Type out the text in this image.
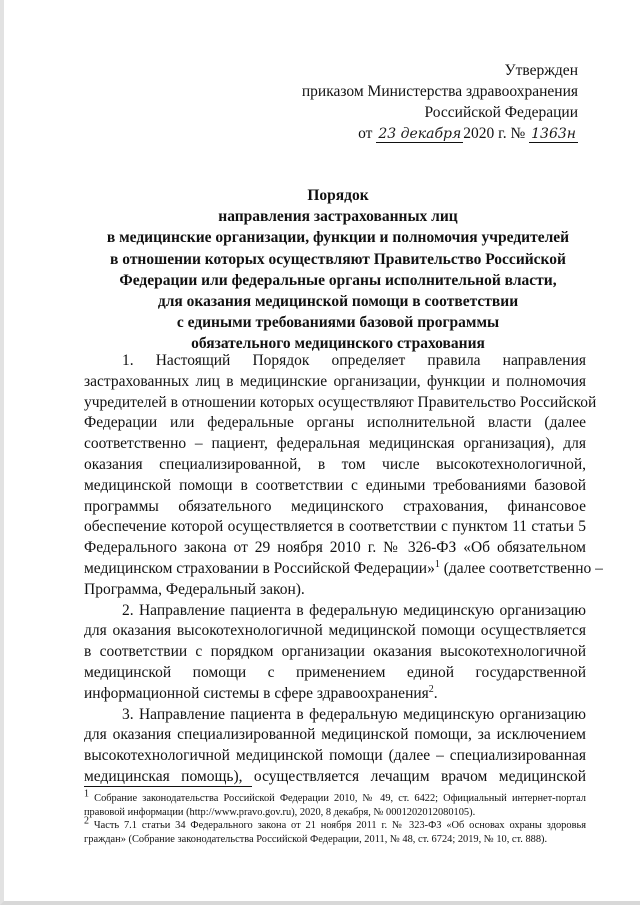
Утвержден
приказом Министерства здравоохранения
Российской Федерации
от 23 декабря 2020 г. № 1363н
Порядок
направления застрахованных лиц
в медицинские организации, функции и полномочия учредителей
в отношении которых осуществляют Правительство Российской
Федерации или федеральные органы исполнительной власти,
для оказания медицинской помощи в соответствии
с едиными требованиями базовой программы
обязательного медицинского страхования
1. Настоящий Порядок определяет правила направления
застрахованных лиц в медицинские организации, функции и полномочия
учредителей в отношении которых осуществляют Правительство Российской
Федерации или федеральные органы исполнительной власти (далее
соответственно – пациент, федеральная медицинская организация), для
оказания специализированной, в том числе высокотехнологичной,
медицинской помощи в соответствии с едиными требованиями базовой
программы обязательного медицинского страхования, финансовое
обеспечение которой осуществляется в соответствии с пунктом 11 статьи 5
Федерального закона от 29 ноября 2010 г. № 326-ФЗ «Об обязательном
медицинском страховании в Российской Федерации»$^1$ (далее соответственно –
Программа, Федеральный закон).
2. Направление пациента в федеральную медицинскую организацию
для оказания высокотехнологичной медицинской помощи осуществляется
в соответствии с порядком организации оказания высокотехнологичной
медицинской помощи с применением единой государственной
информационной системы в сфере здравоохранения$^2$.
3. Направление пациента в федеральную медицинскую организацию
для оказания специализированной медицинской помощи, за исключением
высокотехнологичной медицинской помощи (далее – специализированная
медицинская помощь), осуществляется лечащим врачом медицинской
$^1$ Собрание законодательства Российской Федерации 2010, № 49, ст. 6422; Официальный интернет-портал
правовой информации (http://www.pravo.gov.ru), 2020, 8 декабря, № 0001202012080105).
$^2$ Часть 7.1 статьи 34 Федерального закона от 21 ноября 2011 г. № 323-ФЗ «Об основах охраны здоровья
граждан» (Собрание законодательства Российской Федерации, 2011, № 48, ст. 6724; 2019, № 10, ст. 888).
